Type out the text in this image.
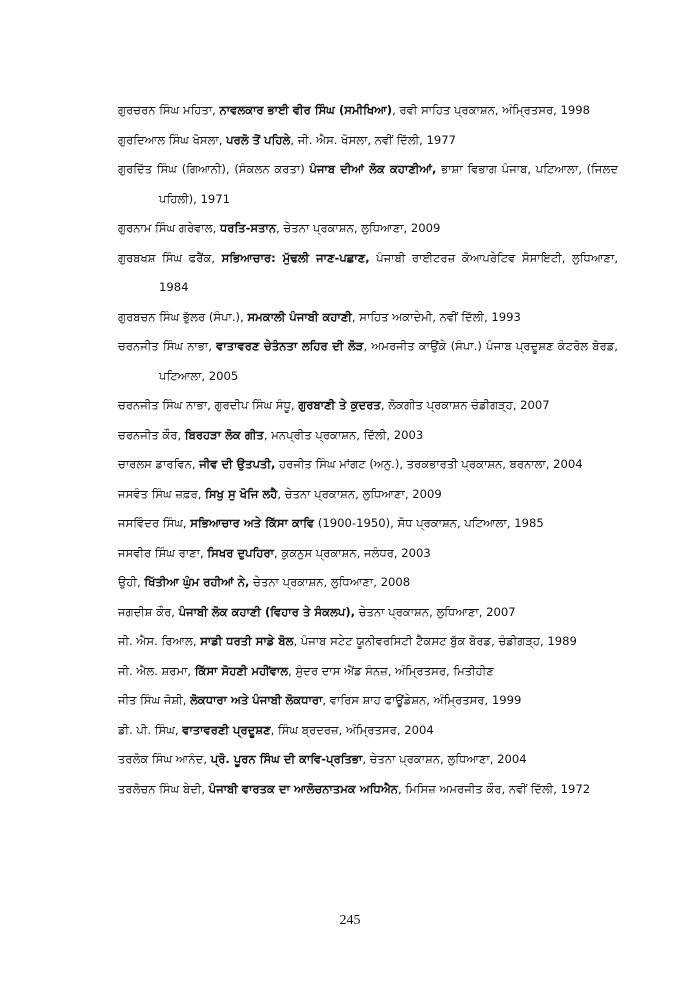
ਗੁਰਚਰਨ ਸਿੰਘ ਮਹਿਤਾ, ਨਾਵਲਕਾਰ ਭਾਈ ਵੀਰ ਸਿੰਘ (ਸਮੀਖਿਆ), ਰਵੀ ਸਾਹਿਤ ਪ੍ਰਕਾਸ਼ਨ, ਅੰਮ੍ਰਿਤਸਰ, 1998
ਗੁਰਦਿਆਲ ਸਿੰਘ ਖੋਸਲਾ, ਪਰਲੋ ਤੋਂ ਪਹਿਲੇ, ਜੀ. ਐਸ. ਖੋਸਲਾ, ਨਵੀਂ ਦਿੱਲੀ, 1977
ਗੁਰਦਿੱਤ ਸਿੰਘ (ਗਿਆਨੀ), (ਸੰਕਲਨ ਕਰਤਾ) ਪੰਜਾਬ ਦੀਆਂ ਲੋਕ ਕਹਾਣੀਆਂ, ਭਾਸ਼ਾ ਵਿਭਾਗ ਪੰਜਾਬ, ਪਟਿਆਲਾ, (ਜਿਲਦ ਪਹਿਲੀ), 1971
ਗੁਰਨਾਮ ਸਿੰਘ ਗਰੇਵਾਲ, ਧਰਤਿ-ਸਤਾਨ, ਚੇਤਨਾ ਪ੍ਰਕਾਸ਼ਨ, ਲੁਧਿਆਣਾ, 2009
ਗੁਰਬਖਸ਼ ਸਿੰਘ ਫਰੈਂਕ, ਸਭਿਆਚਾਰ: ਮੁੱਢਲੀ ਜਾਣ-ਪਛਾਣ, ਪੰਜਾਬੀ ਰਾਈਟਰਜ਼ ਕੋਆਪਰੇਟਿਵ ਸੋਸਾਇਟੀ, ਲੁਧਿਆਣਾ, 1984
ਗੁਰਬਚਨ ਸਿੰਘ ਭੁੱਲਰ (ਸੰਪਾ.), ਸਮਕਾਲੀ ਪੰਜਾਬੀ ਕਹਾਣੀ, ਸਾਹਿਤ ਅਕਾਦੇਮੀ, ਨਵੀਂ ਦਿੱਲੀ, 1993
ਚਰਨਜੀਤ ਸਿੰਘ ਨਾਭਾ, ਵਾਤਾਵਰਣ ਚੇਤੰਨਤਾ ਲਹਿਰ ਦੀ ਲੋੜ, ਅਮਰਜੀਤ ਕਾਉਂਕੇ (ਸੰਪਾ.) ਪੰਜਾਬ ਪ੍ਰਦੂਸ਼ਣ ਕੰਟਰੋਲ ਬੋਰਡ, ਪਟਿਆਲਾ, 2005
ਚਰਨਜੀਤ ਸਿੰਘ ਨਾਭਾ, ਗੁਰਦੀਪ ਸਿੰਘ ਸੰਧੂ, ਗੁਰਬਾਣੀ ਤੇ ਕੁਦਰਤ, ਲੋਕਗੀਤ ਪ੍ਰਕਾਸ਼ਨ ਚੰਡੀਗੜ੍ਹ, 2007
ਚਰਨਜੀਤ ਕੌਰ, ਬਿਰਹੜਾ ਲੋਕ ਗੀਤ, ਮਨਪ੍ਰੀਤ ਪ੍ਰਕਾਸ਼ਨ, ਦਿੱਲੀ, 2003
ਚਾਰਲਸ ਡਾਰਵਿਨ, ਜੀਵ ਦੀ ਉਤਪਤੀ, ਹਰਜੀਤ ਸਿੰਘ ਮਾਂਗਟ (ਅਨੁ.), ਤਰਕਭਾਰਤੀ ਪ੍ਰਕਾਸ਼ਨ, ਬਰਨਾਲਾ, 2004
ਜਸਵੰਤ ਸਿੰਘ ਜ਼ਫ਼ਰ, ਸਿਖੁ ਸੁ ਖੋਜਿ ਲਹੈ, ਚੇਤਨਾ ਪ੍ਰਕਾਸ਼ਨ, ਲੁਧਿਆਣਾ, 2009
ਜਸਵਿੰਦਰ ਸਿੰਘ, ਸਭਿਆਚਾਰ ਅਤੇ ਕਿੱਸਾ ਕਾਵਿ (1900-1950), ਸੋਧ ਪ੍ਰਕਾਸ਼ਨ, ਪਟਿਆਲਾ, 1985
ਜਸਵੀਰ ਸਿੰਘ ਰਾਣਾ, ਸਿਖਰ ਦੁਪਹਿਰਾ, ਕੁਕਨੁਸ ਪ੍ਰਕਾਸ਼ਨ, ਜਲੰਧਰ, 2003
ਉਹੀ, ਖਿੱਤੀਆ ਘੁੰਮ ਰਹੀਆਂ ਨੇ, ਚੇਤਨਾ ਪ੍ਰਕਾਸ਼ਨ, ਲੁਧਿਆਣਾ, 2008
ਜਗਦੀਸ਼ ਕੌਰ, ਪੰਜਾਬੀ ਲੋਕ ਕਹਾਣੀ (ਵਿਹਾਰ ਤੇ ਸੰਕਲਪ), ਚੇਤਨਾ ਪ੍ਰਕਾਸ਼ਨ, ਲੁਧਿਆਣਾ, 2007
ਜੀ. ਐਸ. ਰਿਆਲ, ਸਾਡੀ ਧਰਤੀ ਸਾਡੇ ਬੋਲ, ਪੰਜਾਬ ਸਟੇਟ ਯੂਨੀਵਰਸਿਟੀ ਟੈਕਸਟ ਬੁੱਕ ਬੋਰਡ, ਚੰਡੀਗੜ੍ਹ, 1989
ਜੀ. ਐਲ. ਸ਼ਰਮਾ, ਕਿੱਸਾ ਸੋਹਣੀ ਮਹੀਂਵਾਲ, ਸੁੰਦਰ ਦਾਸ ਐਂਡ ਸੰਨਜ਼, ਅੰਮ੍ਰਿਤਸਰ, ਮਿਤੀਹੀਣ
ਜੀਤ ਸਿੰਘ ਜੋਸ਼ੀ, ਲੋਕਧਾਰਾ ਅਤੇ ਪੰਜਾਬੀ ਲੋਕਧਾਰਾ, ਵਾਰਿਸ ਸ਼ਾਹ ਫਾਊਂਡੇਸ਼ਨ, ਅੰਮ੍ਰਿਤਸਰ, 1999
ਡੀ. ਪੀ. ਸਿੰਘ, ਵਾਤਾਵਰਣੀ ਪ੍ਰਦੂਸ਼ਣ, ਸਿੰਘ ਬ੍ਰਦਰਜ਼, ਅੰਮ੍ਰਿਤਸਰ, 2004
ਤਰਲੋਕ ਸਿੰਘ ਆਨੰਦ, ਪ੍ਰੋ. ਪੂਰਨ ਸਿੰਘ ਦੀ ਕਾਵਿ-ਪ੍ਰਤਿਭਾ, ਚੇਤਨਾ ਪ੍ਰਕਾਸ਼ਨ, ਲੁਧਿਆਣਾ, 2004
ਤਰਲੋਚਨ ਸਿੰਘ ਬੇਦੀ, ਪੰਜਾਬੀ ਵਾਰਤਕ ਦਾ ਆਲੋਚਨਾਤਮਕ ਅਧਿਐਨ, ਮਿਸਿਜ਼ ਅਮਰਜੀਤ ਕੌਰ, ਨਵੀਂ ਦਿੱਲੀ, 1972
245
